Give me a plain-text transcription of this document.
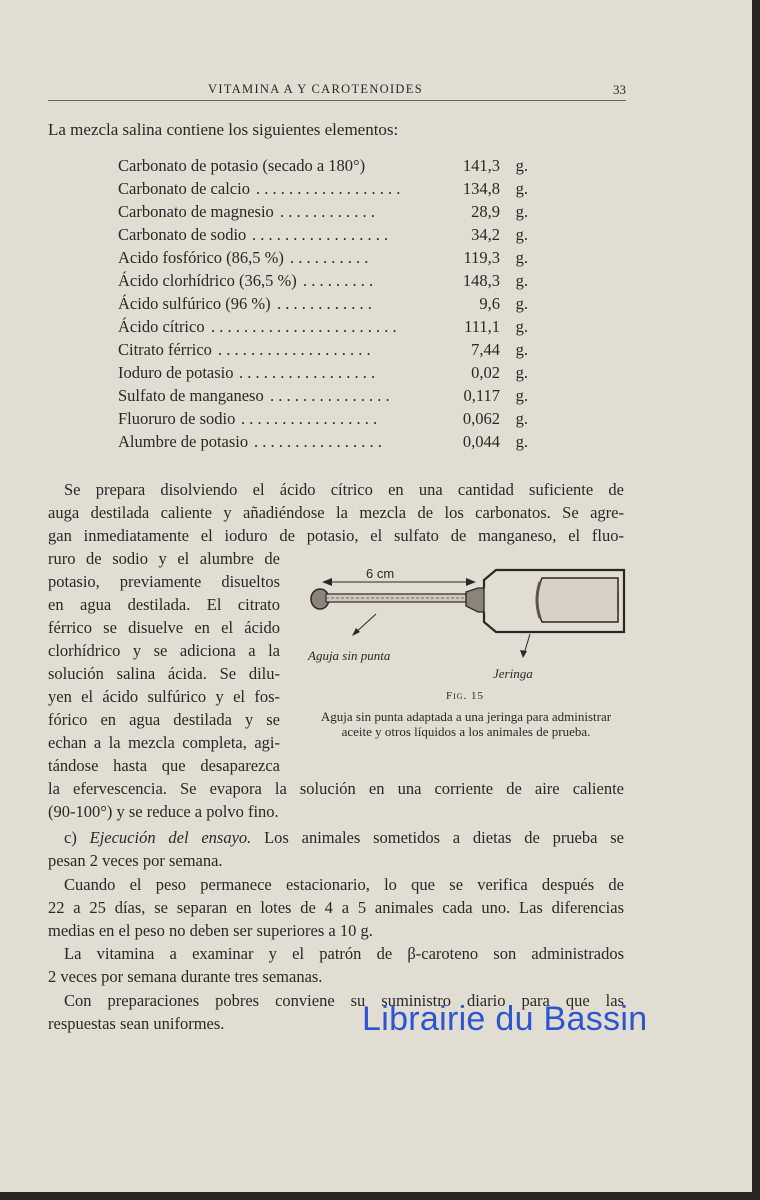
VITAMINA A Y CAROTENOIDES	33
La mezcla salina contiene los siguientes elementos:
Carbonato de potasio (secado a 180°)	141,3 g.
Carbonato de calcio . . . . . . . . . . . . . . . . . .	134,8 g.
Carbonato de magnesio . . . . . . . . . . . .	28,9 g.
Carbonato de sodio . . . . . . . . . . . . . . . . .	34,2 g.
Acido fosfórico (86,5 %) . . . . . . . . . .	119,3 g.
Ácido clorhídrico (36,5 %) . . . . . . . . .	148,3 g.
Ácido sulfúrico (96 %) . . . . . . . . . . . .	9,6 g.
Ácido cítrico . . . . . . . . . . . . . . . . . . . . . . .	111,1 g.
Citrato férrico . . . . . . . . . . . . . . . . . . .	7,44 g.
Ioduro de potasio . . . . . . . . . . . . . . . . .	0,02 g.
Sulfato de manganeso . . . . . . . . . . . . . . .	0,117 g.
Fluoruro de sodio . . . . . . . . . . . . . . . . .	0,062 g.
Alumbre de potasio . . . . . . . . . . . . . . . .	0,044 g.
Se prepara disolviendo el ácido cítrico en una cantidad suficiente de
auga destilada caliente y añadiéndose la mezcla de los carbonatos. Se agre-
gan inmediatamente el ioduro de potasio, el sulfato de manganeso, el fluo-
ruro de sodio y el alumbre de
potasio, previamente disueltos
en agua destilada. El citrato
férrico se disuelve en el ácido
clorhídrico y se adiciona a la
solución salina ácida. Se dilu-
yen el ácido sulfúrico y el fos-
fórico en agua destilada y se
echan a la mezcla completa, agi-
tándose hasta que desaparezca
6 cm
Aguja sin punta
Jeringa
Fig. 15
Aguja sin punta adaptada a una jeringa para administrar aceite y otros líquidos a los animales de prueba.
la efervescencia. Se evapora la solución en una corriente de aire caliente
(90-100°) y se reduce a polvo fino.
c) Ejecución del ensayo. Los animales sometidos a dietas de prueba se
pesan 2 veces por semana.
Cuando el peso permanece estacionario, lo que se verifica después de
22 a 25 días, se separan en lotes de 4 a 5 animales cada uno. Las diferencias
medias en el peso no deben ser superiores a 10 g.
La vitamina a examinar y el patrón de β-caroteno son administrados
2 veces por semana durante tres semanas.
Con preparaciones pobres conviene su suministro diario para que las
respuestas sean uniformes.	Librairie du Bassin
